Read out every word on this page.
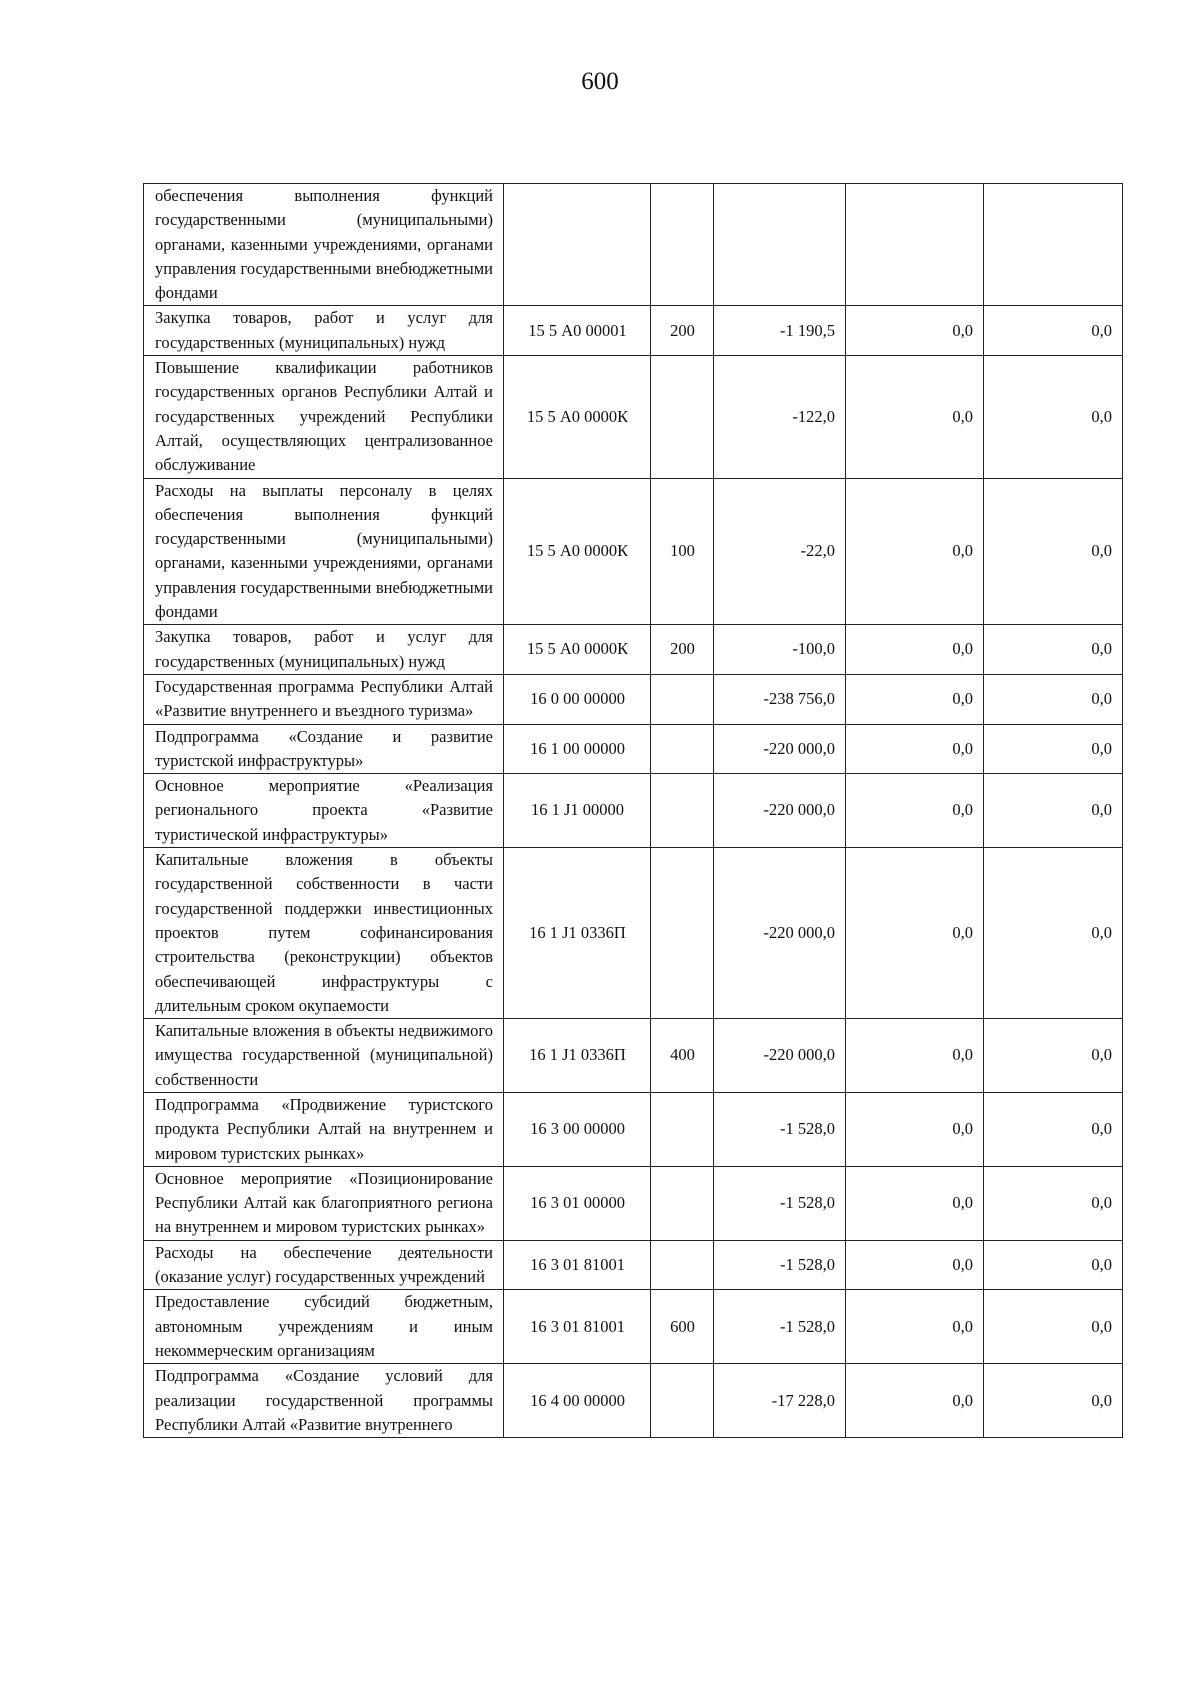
600
обеспечения выполнения функций государственными (муниципальными) органами, казенными учреждениями, органами управления государственными внебюджетными фондами					
Закупка товаров, работ и услуг для государственных (муниципальных) нужд	15 5 А0 00001	200	-1 190,5	0,0	0,0
Повышение квалификации работников государственных органов Республики Алтай и государственных учреждений Республики Алтай, осуществляющих централизованное обслуживание	15 5 А0 0000К		-122,0	0,0	0,0
Расходы на выплаты персоналу в целях обеспечения выполнения функций государственными (муниципальными) органами, казенными учреждениями, органами управления государственными внебюджетными фондами	15 5 А0 0000К	100	-22,0	0,0	0,0
Закупка товаров, работ и услуг для государственных (муниципальных) нужд	15 5 А0 0000К	200	-100,0	0,0	0,0
Государственная программа Республики Алтай «Развитие внутреннего и въездного туризма»	16 0 00 00000		-238 756,0	0,0	0,0
Подпрограмма «Создание и развитие туристской инфраструктуры»	16 1 00 00000		-220 000,0	0,0	0,0
Основное мероприятие «Реализация регионального проекта «Развитие туристической инфраструктуры»	16 1 J1 00000		-220 000,0	0,0	0,0
Капитальные вложения в объекты государственной собственности в части государственной поддержки инвестиционных проектов путем софинансирования строительства (реконструкции) объектов обеспечивающей инфраструктуры с длительным сроком окупаемости	16 1 J1 0336П		-220 000,0	0,0	0,0
Капитальные вложения в объекты недвижимого имущества государственной (муниципальной) собственности	16 1 J1 0336П	400	-220 000,0	0,0	0,0
Подпрограмма «Продвижение туристского продукта Республики Алтай на внутреннем и мировом туристских рынках»	16 3 00 00000		-1 528,0	0,0	0,0
Основное мероприятие «Позиционирование Республики Алтай как благоприятного региона на внутреннем и мировом туристских рынках»	16 3 01 00000		-1 528,0	0,0	0,0
Расходы на обеспечение деятельности (оказание услуг) государственных учреждений	16 3 01 81001		-1 528,0	0,0	0,0
Предоставление субсидий бюджетным, автономным учреждениям и иным некоммерческим организациям	16 3 01 81001	600	-1 528,0	0,0	0,0
Подпрограмма «Создание условий для реализации государственной программы Республики Алтай «Развитие внутреннего	16 4 00 00000		-17 228,0	0,0	0,0
